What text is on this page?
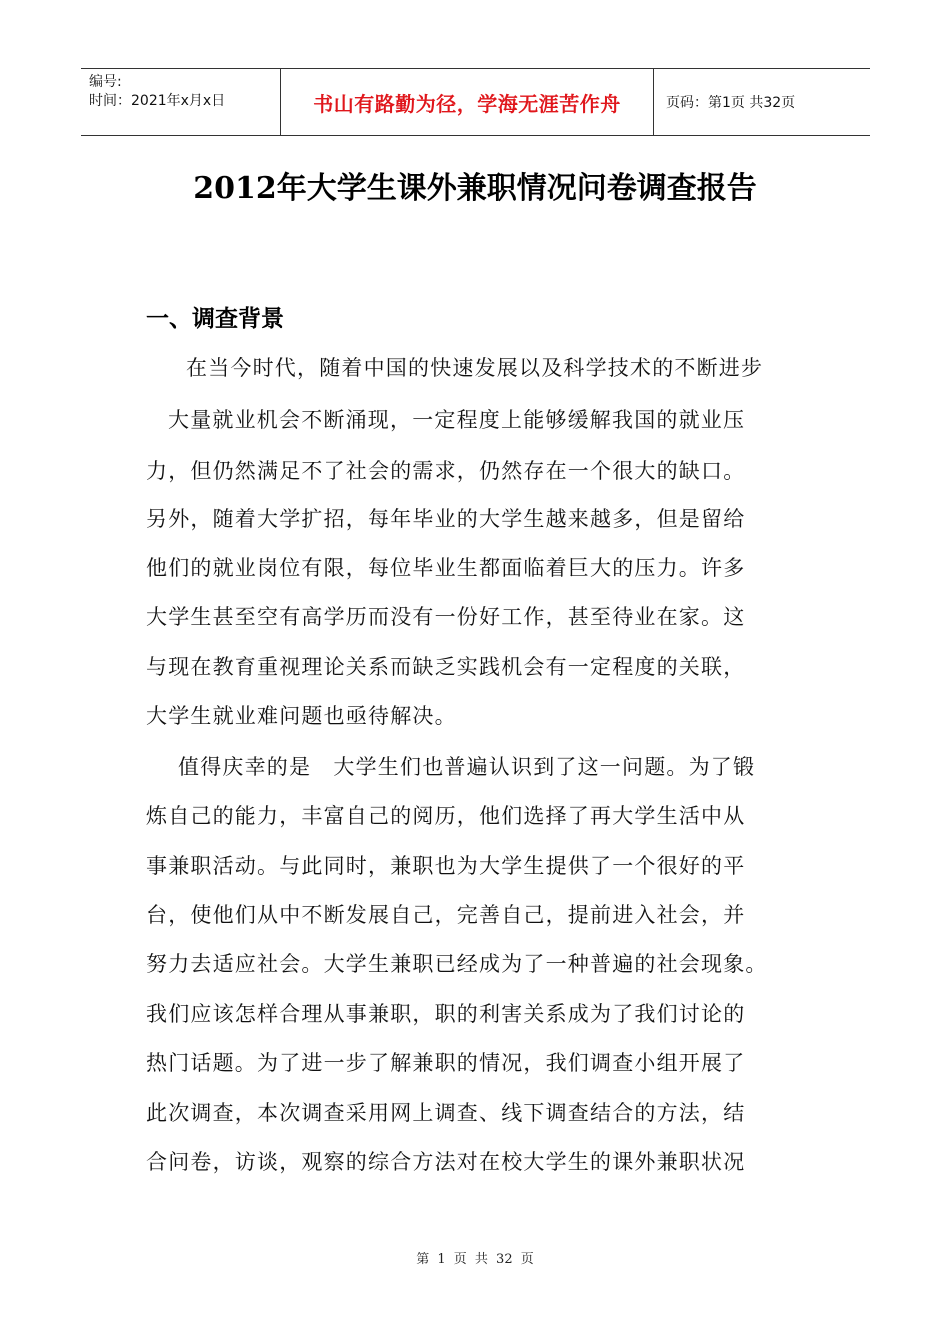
编号:
时间：2021年x月x日	书山有路勤为径，学海无涯苦作舟	页码：第1页 共32页
2012年大学生课外兼职情况问卷调查报告
一、调查背景
在当今时代，随着中国的快速发展以及科学技术的不断进步
大量就业机会不断涌现，一定程度上能够缓解我国的就业压
力，但仍然满足不了社会的需求，仍然存在一个很大的缺口。
另外，随着大学扩招，每年毕业的大学生越来越多，但是留给
他们的就业岗位有限，每位毕业生都面临着巨大的压力。许多
大学生甚至空有高学历而没有一份好工作，甚至待业在家。这
与现在教育重视理论关系而缺乏实践机会有一定程度的关联，
大学生就业难问题也亟待解决。
值得庆幸的是　大学生们也普遍认识到了这一问题。为了锻
炼自己的能力，丰富自己的阅历，他们选择了再大学生活中从
事兼职活动。与此同时，兼职也为大学生提供了一个很好的平
台，使他们从中不断发展自己，完善自己，提前进入社会，并
努力去适应社会。大学生兼职已经成为了一种普遍的社会现象。
我们应该怎样合理从事兼职，职的利害关系成为了我们讨论的
热门话题。为了进一步了解兼职的情况，我们调查小组开展了
此次调查，本次调查采用网上调查、线下调查结合的方法，结
合问卷，访谈，观察的综合方法对在校大学生的课外兼职状况
第 1 页 共 32 页
